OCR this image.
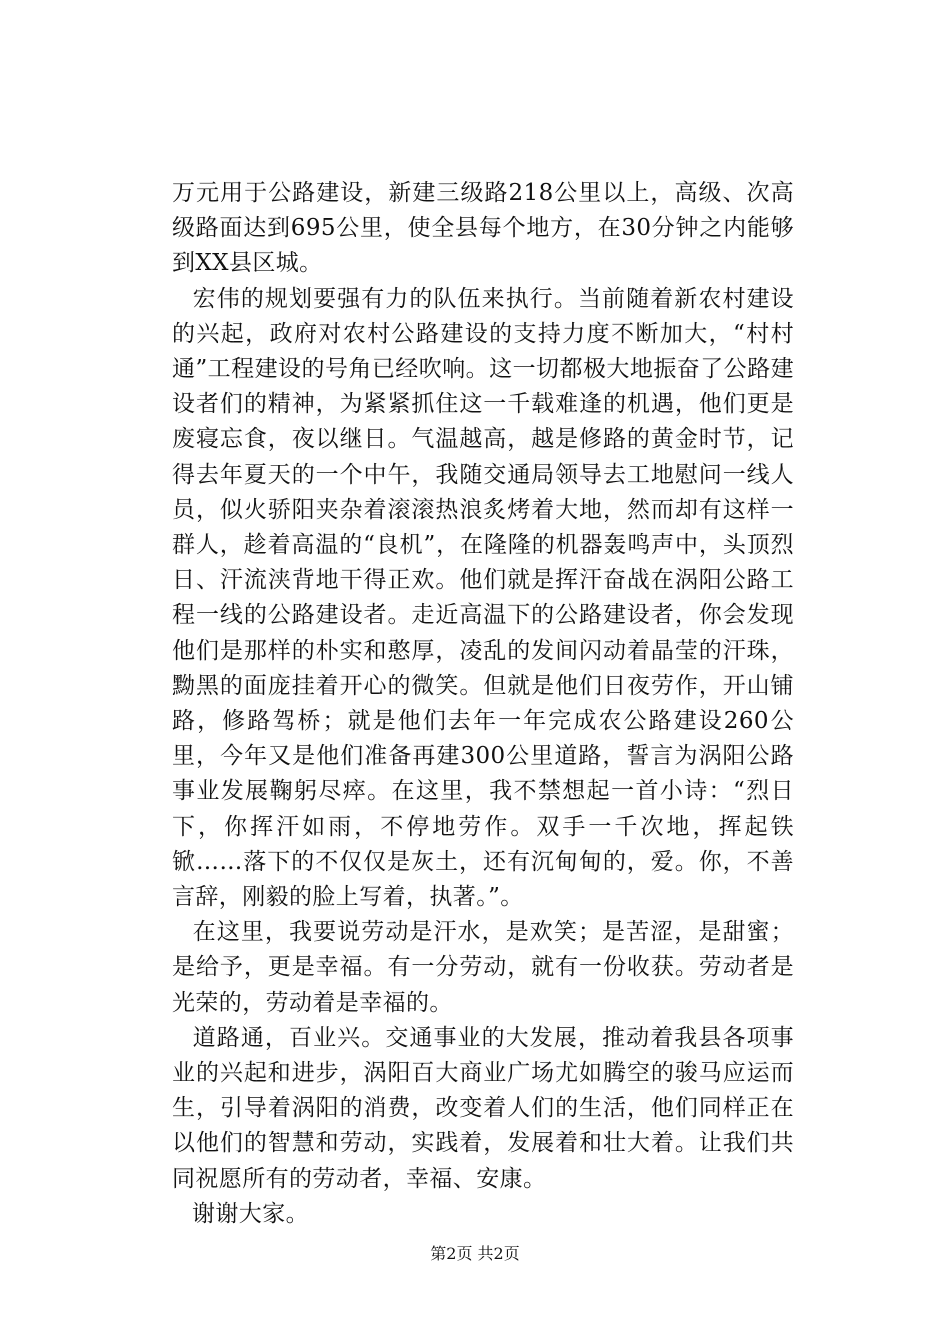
万元用于公路建设，新建三级路218公里以上，高级、次高级路面达到695公里，使全县每个地方，在30分钟之内能够到XX县区城。

宏伟的规划要强有力的队伍来执行。当前随着新农村建设的兴起，政府对农村公路建设的支持力度不断加大，“村村通”工程建设的号角已经吹响。这一切都极大地振奋了公路建设者们的精神，为紧紧抓住这一千载难逢的机遇，他们更是废寝忘食，夜以继日。气温越高，越是修路的黄金时节，记得去年夏天的一个中午，我随交通局领导去工地慰问一线人员，似火骄阳夹杂着滚滚热浪炙烤着大地，然而却有这样一群人，趁着高温的“良机”，在隆隆的机器轰鸣声中，头顶烈日、汗流浃背地干得正欢。他们就是挥汗奋战在涡阳公路工程一线的公路建设者。走近高温下的公路建设者，你会发现他们是那样的朴实和憨厚，凌乱的发间闪动着晶莹的汗珠，黝黑的面庞挂着开心的微笑。但就是他们日夜劳作，开山铺路，修路驾桥；就是他们去年一年完成农公路建设260公里，今年又是他们准备再建300公里道路，誓言为涡阳公路事业发展鞠躬尽瘁。在这里，我不禁想起一首小诗：“烈日下，你挥汗如雨，不停地劳作。双手一千次地，挥起铁锨……落下的不仅仅是灰土，还有沉甸甸的，爱。你，不善言辞，刚毅的脸上写着，执著。”。

在这里，我要说劳动是汗水，是欢笑；是苦涩，是甜蜜；是给予，更是幸福。有一分劳动，就有一份收获。劳动者是光荣的，劳动着是幸福的。

道路通，百业兴。交通事业的大发展，推动着我县各项事业的兴起和进步，涡阳百大商业广场尤如腾空的骏马应运而生，引导着涡阳的消费，改变着人们的生活，他们同样正在以他们的智慧和劳动，实践着，发展着和壮大着。让我们共同祝愿所有的劳动者，幸福、安康。

谢谢大家。

第2页 共2页
